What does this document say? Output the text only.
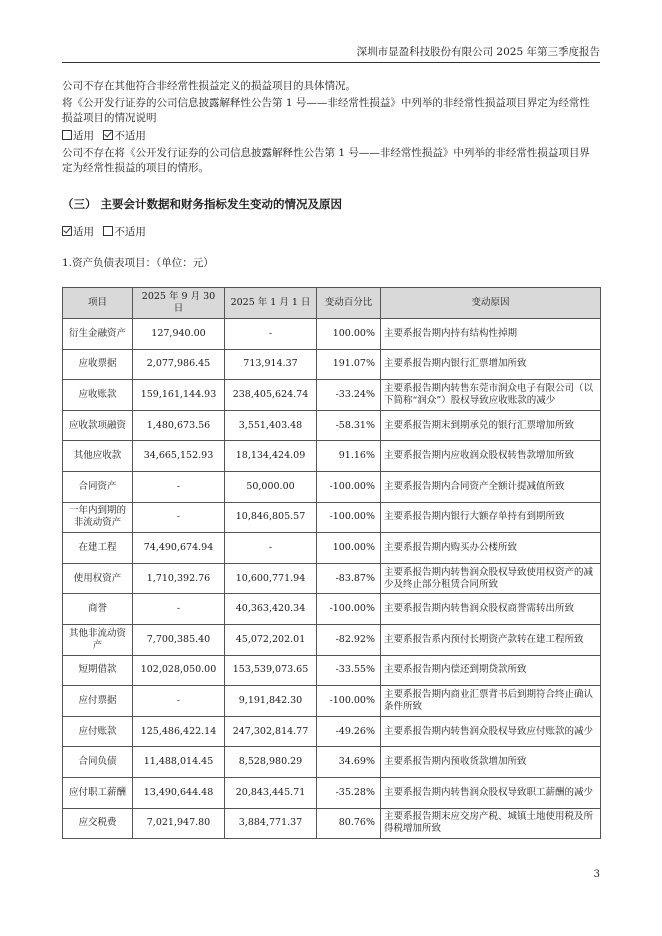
深圳市显盈科技股份有限公司 2025 年第三季度报告
公司不存在其他符合非经常性损益定义的损益项目的具体情况。
将《公开发行证券的公司信息披露解释性公告第 1 号——非经常性损益》中列举的非经常性损益项目界定为经常性损益项目的情况说明
适用 不适用
公司不存在将《公开发行证券的公司信息披露解释性公告第 1 号——非经常性损益》中列举的非经常性损益项目界定为经常性损益的项目的情形。
（三） 主要会计数据和财务指标发生变动的情况及原因
适用 不适用
1.资产负债表项目：（单位：元）
项目	2025 年 9 月 30 日	2025 年 1 月 1 日	变动百分比	变动原因
衍生金融资产	127,940.00	-	100.00%	主要系报告期内持有结构性掉期
应收票据	2,077,986.45	713,914.37	191.07%	主要系报告期内银行汇票增加所致
应收账款	159,161,144.93	238,405,624.74	-33.24%	主要系报告期内转售东莞市润众电子有限公司（以下简称“润众”）股权导致应收账款的减少
应收款项融资	1,480,673.56	3,551,403.48	-58.31%	主要系报告期末到期承兑的银行汇票增加所致
其他应收款	34,665,152.93	18,134,424.09	91.16%	主要系报告期内应收润众股权转售款增加所致
合同资产	-	50,000.00	-100.00%	主要系报告期内合同资产全额计提减值所致
一年内到期的非流动资产	-	10,846,805.57	-100.00%	主要系报告期内银行大额存单持有到期所致
在建工程	74,490,674.94	-	100.00%	主要系报告期内购买办公楼所致
使用权资产	1,710,392.76	10,600,771.94	-83.87%	主要系报告期内转售润众股权导致使用权资产的减少及终止部分租赁合同所致
商誉	-	40,363,420.34	-100.00%	主要系报告期内转售润众股权商誉需转出所致
其他非流动资产	7,700,385.40	45,072,202.01	-82.92%	主要系报告系内预付长期资产款转在建工程所致
短期借款	102,028,050.00	153,539,073.65	-33.55%	主要系报告期内偿还到期贷款所致
应付票据	-	9,191,842.30	-100.00%	主要系报告期内商业汇票背书后到期符合终止确认条件所致
应付账款	125,486,422.14	247,302,814.77	-49.26%	主要系报告期内转售润众股权导致应付账款的减少
合同负债	11,488,014.45	8,528,980.29	34.69%	主要系报告期内预收货款增加所致
应付职工薪酬	13,490,644.48	20,843,445.71	-35.28%	主要系报告期内转售润众股权导致职工薪酬的减少
应交税费	7,021,947.80	3,884,771.37	80.76%	主要系报告期末应交房产税、城镇土地使用税及所得税增加所致
3
